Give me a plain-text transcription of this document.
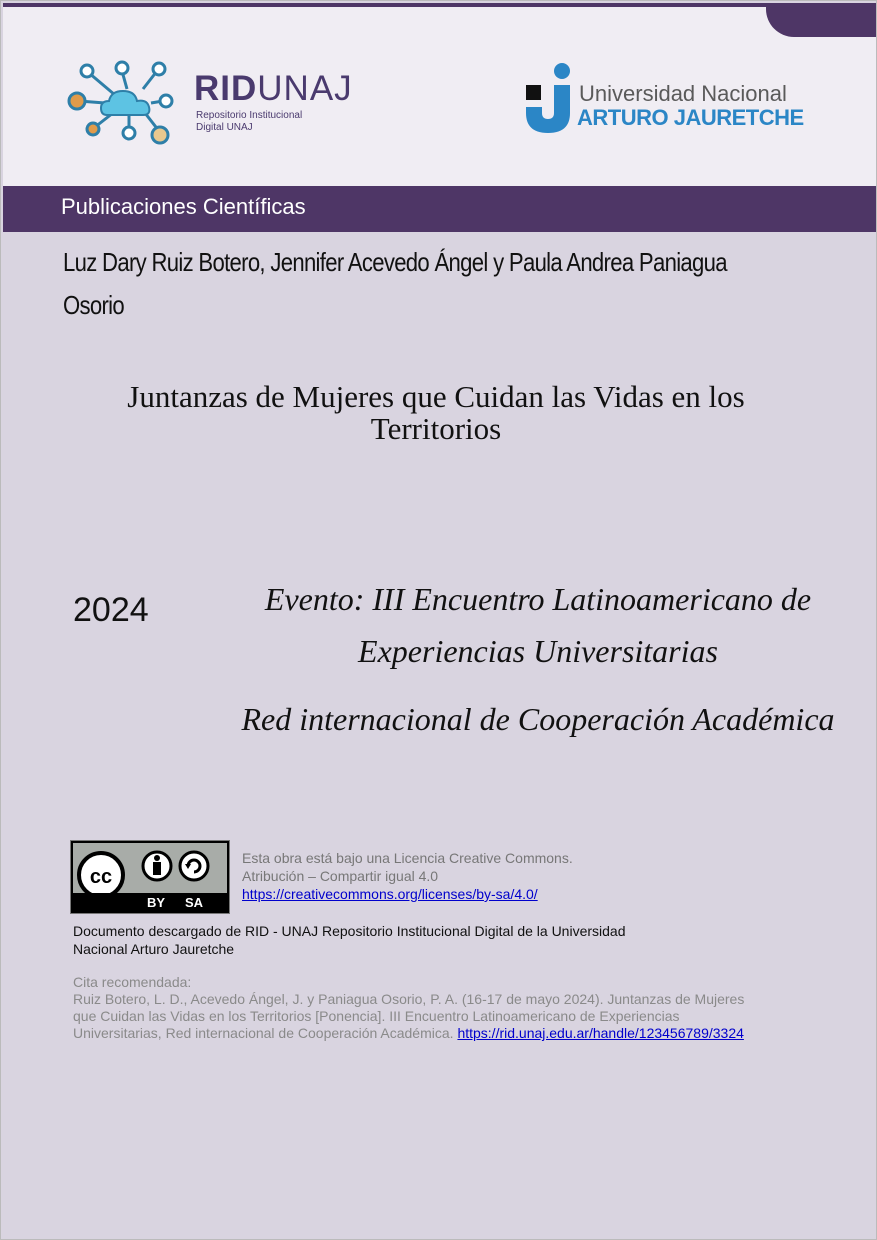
RIDUNAJ
Repositorio Institucional
Digital UNAJ
Universidad Nacional
ARTURO JAURETCHE
Publicaciones Científicas
Luz Dary Ruiz Botero, Jennifer Acevedo Ángel y Paula Andrea Paniagua
Osorio
Juntanzas de Mujeres que Cuidan las Vidas en los
Territorios
2024	Evento: III Encuentro Latinoamericano de
Experiencias Universitarias
Red internacional de Cooperación Académica
cc
BY SA
Esta obra está bajo una Licencia Creative Commons.
Atribución – Compartir igual 4.0
https://creativecommons.org/licenses/by-sa/4.0/
Documento descargado de RID - UNAJ Repositorio Institucional Digital de la Universidad
Nacional Arturo Jauretche
Cita recomendada:
Ruiz Botero, L. D., Acevedo Ángel, J. y Paniagua Osorio, P. A. (16-17 de mayo 2024). Juntanzas de Mujeres
que Cuidan las Vidas en los Territorios [Ponencia]. III Encuentro Latinoamericano de Experiencias
Universitarias, Red internacional de Cooperación Académica. https://rid.unaj.edu.ar/handle/123456789/3324
